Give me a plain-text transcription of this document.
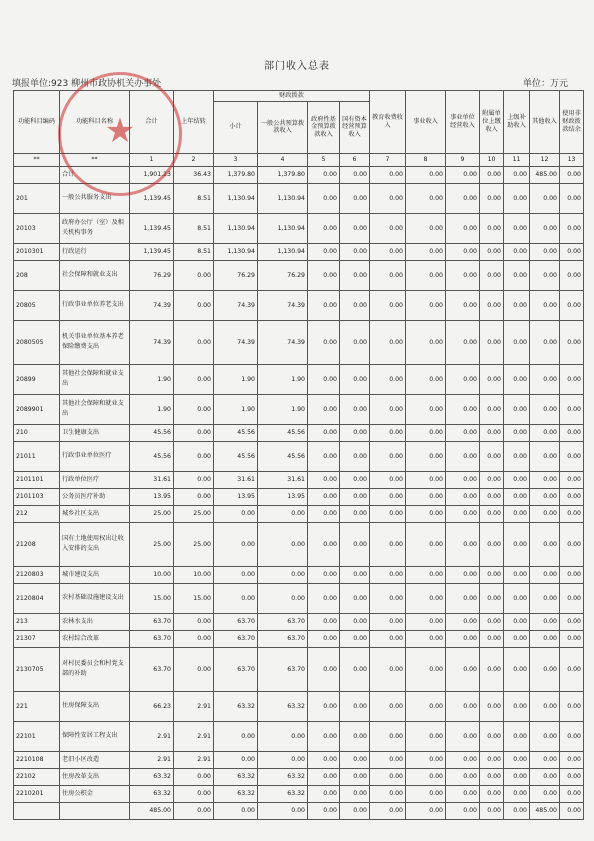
部门收入总表
填报单位:923 柳州市政协机关办事处	单位：万元
功能科目编码	功能科目名称	合计	上年结转	财政拨款				教育收费收入	事业收入	事业单位经营收入	附属单位上缴收入	上级补助收入	其他收入	使用非财政拨款结余
				小计	一般公共预算拨款收入	政府性基金预算拨款收入	国有资本经营预算收入							
**	**	1	2	3	4	5	6	7	8	9	10	11	12	13
	合计	1,901.23	36.43	1,379.80	1,379.80	0.00	0.00	0.00	0.00	0.00	0.00	0.00	485.00	0.00
201	一般公共服务支出	1,139.45	8.51	1,130.94	1,130.94	0.00	0.00	0.00	0.00	0.00	0.00	0.00	0.00	0.00
20103	政府办公厅（室）及相关机构事务	1,139.45	8.51	1,130.94	1,130.94	0.00	0.00	0.00	0.00	0.00	0.00	0.00	0.00	0.00
2010301	行政运行	1,139.45	8.51	1,130.94	1,130.94	0.00	0.00	0.00	0.00	0.00	0.00	0.00	0.00	0.00
208	社会保障和就业支出	76.29	0.00	76.29	76.29	0.00	0.00	0.00	0.00	0.00	0.00	0.00	0.00	0.00
20805	行政事业单位养老支出	74.39	0.00	74.39	74.39	0.00	0.00	0.00	0.00	0.00	0.00	0.00	0.00	0.00
2080505	机关事业单位基本养老保险缴费支出	74.39	0.00	74.39	74.39	0.00	0.00	0.00	0.00	0.00	0.00	0.00	0.00	0.00
20899	其他社会保障和就业支出	1.90	0.00	1.90	1.90	0.00	0.00	0.00	0.00	0.00	0.00	0.00	0.00	0.00
2089901	其他社会保障和就业支出	1.90	0.00	1.90	1.90	0.00	0.00	0.00	0.00	0.00	0.00	0.00	0.00	0.00
210	卫生健康支出	45.56	0.00	45.56	45.56	0.00	0.00	0.00	0.00	0.00	0.00	0.00	0.00	0.00
21011	行政事业单位医疗	45.56	0.00	45.56	45.56	0.00	0.00	0.00	0.00	0.00	0.00	0.00	0.00	0.00
2101101	行政单位医疗	31.61	0.00	31.61	31.61	0.00	0.00	0.00	0.00	0.00	0.00	0.00	0.00	0.00
2101103	公务员医疗补助	13.95	0.00	13.95	13.95	0.00	0.00	0.00	0.00	0.00	0.00	0.00	0.00	0.00
212	城乡社区支出	25.00	25.00	0.00	0.00	0.00	0.00	0.00	0.00	0.00	0.00	0.00	0.00	0.00
21208	国有土地使用权出让收入安排的支出	25.00	25.00	0.00	0.00	0.00	0.00	0.00	0.00	0.00	0.00	0.00	0.00	0.00
2120803	城市建设支出	10.00	10.00	0.00	0.00	0.00	0.00	0.00	0.00	0.00	0.00	0.00	0.00	0.00
2120804	农村基础设施建设支出	15.00	15.00	0.00	0.00	0.00	0.00	0.00	0.00	0.00	0.00	0.00	0.00	0.00
213	农林水支出	63.70	0.00	63.70	63.70	0.00	0.00	0.00	0.00	0.00	0.00	0.00	0.00	0.00
21307	农村综合改革	63.70	0.00	63.70	63.70	0.00	0.00	0.00	0.00	0.00	0.00	0.00	0.00	0.00
2130705	对村民委员会和村党支部的补助	63.70	0.00	63.70	63.70	0.00	0.00	0.00	0.00	0.00	0.00	0.00	0.00	0.00
221	住房保障支出	66.23	2.91	63.32	63.32	0.00	0.00	0.00	0.00	0.00	0.00	0.00	0.00	0.00
22101	保障性安居工程支出	2.91	2.91	0.00	0.00	0.00	0.00	0.00	0.00	0.00	0.00	0.00	0.00	0.00
2210108	老旧小区改造	2.91	2.91	0.00	0.00	0.00	0.00	0.00	0.00	0.00	0.00	0.00	0.00	0.00
22102	住房改革支出	63.32	0.00	63.32	63.32	0.00	0.00	0.00	0.00	0.00	0.00	0.00	0.00	0.00
2210201	住房公积金	63.32	0.00	63.32	63.32	0.00	0.00	0.00	0.00	0.00	0.00	0.00	0.00	0.00
		485.00	0.00	0.00	0.00	0.00	0.00	0.00	0.00	0.00	0.00	0.00	485.00	0.00
★
